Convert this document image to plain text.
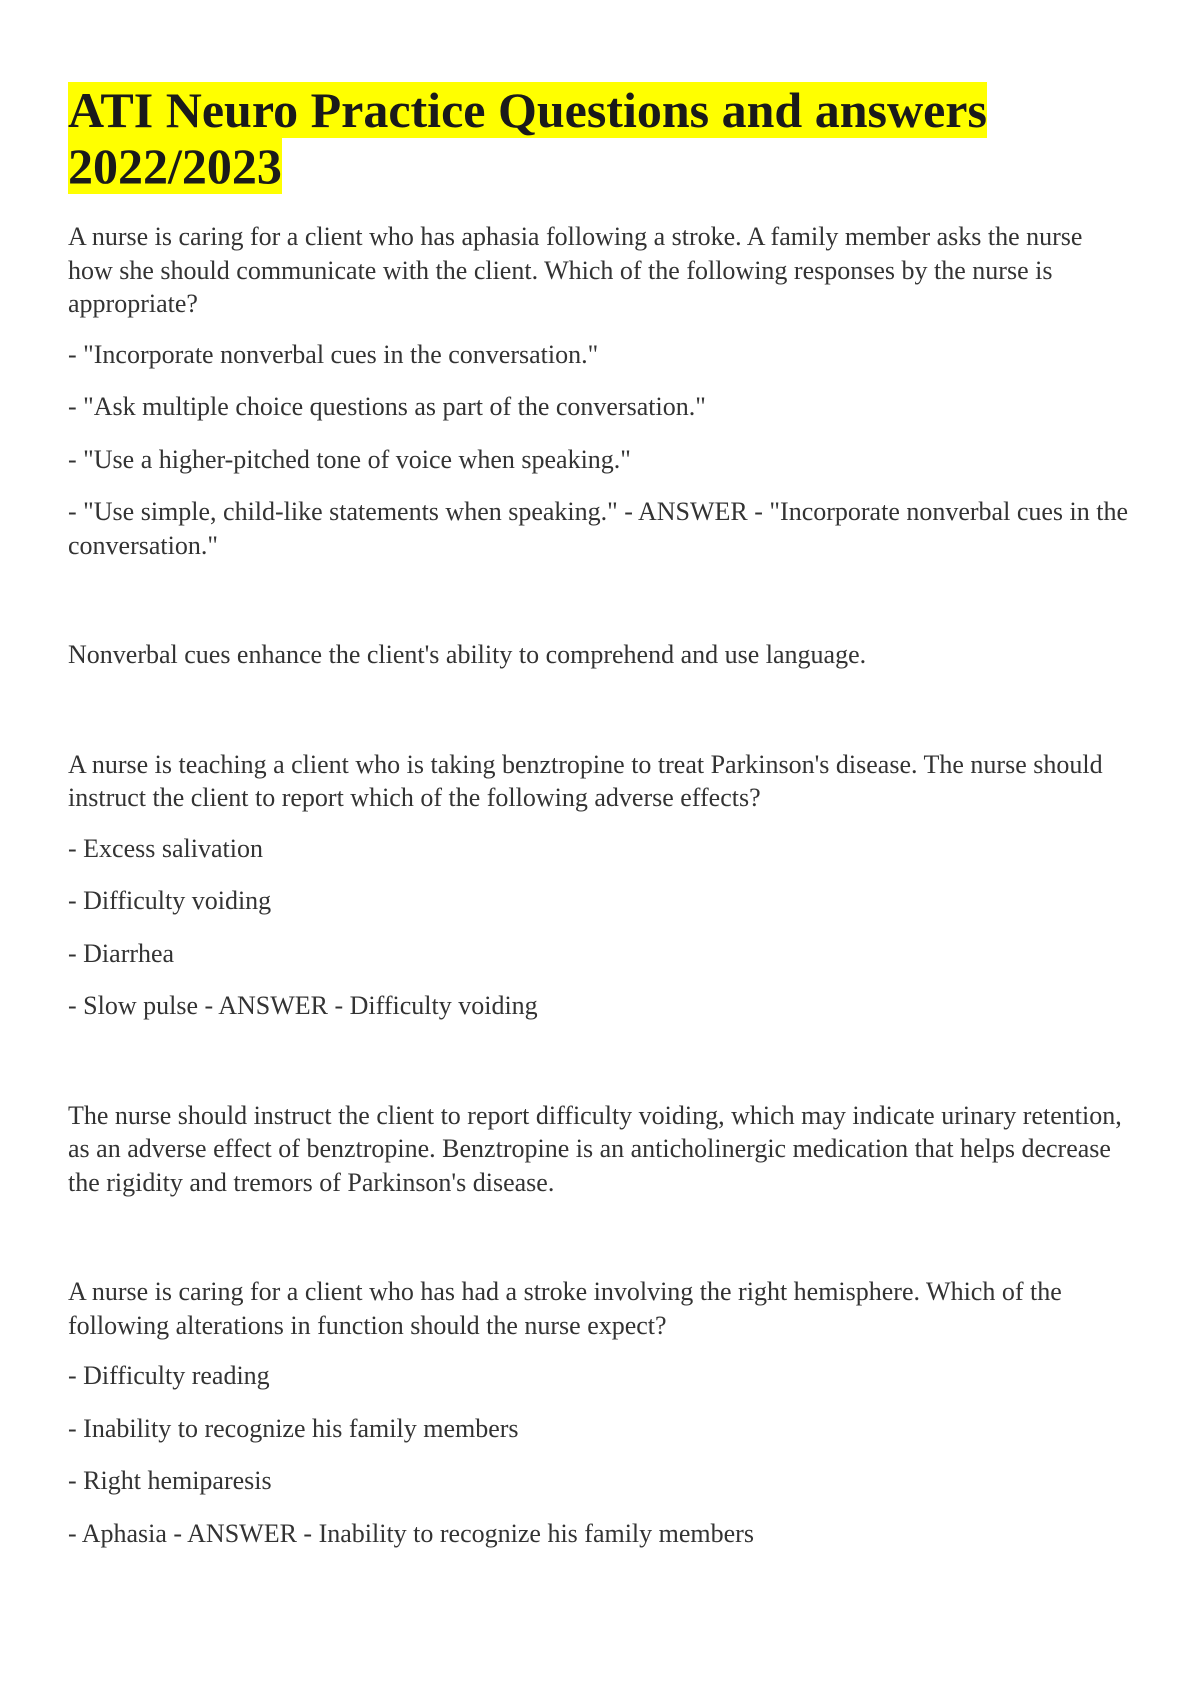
ATI Neuro Practice Questions and answers
2022/2023

A nurse is caring for a client who has aphasia following a stroke. A family member asks the nurse how she should communicate with the client. Which of the following responses by the nurse is appropriate?

- "Incorporate nonverbal cues in the conversation."

- "Ask multiple choice questions as part of the conversation."

- "Use a higher-pitched tone of voice when speaking."

- "Use simple, child-like statements when speaking." - ANSWER - "Incorporate nonverbal cues in the conversation."

Nonverbal cues enhance the client's ability to comprehend and use language.

A nurse is teaching a client who is taking benztropine to treat Parkinson's disease. The nurse should instruct the client to report which of the following adverse effects?

- Excess salivation

- Difficulty voiding

- Diarrhea

- Slow pulse - ANSWER - Difficulty voiding

The nurse should instruct the client to report difficulty voiding, which may indicate urinary retention, as an adverse effect of benztropine. Benztropine is an anticholinergic medication that helps decrease the rigidity and tremors of Parkinson's disease.

A nurse is caring for a client who has had a stroke involving the right hemisphere. Which of the following alterations in function should the nurse expect?

- Difficulty reading

- Inability to recognize his family members

- Right hemiparesis

- Aphasia - ANSWER - Inability to recognize his family members
